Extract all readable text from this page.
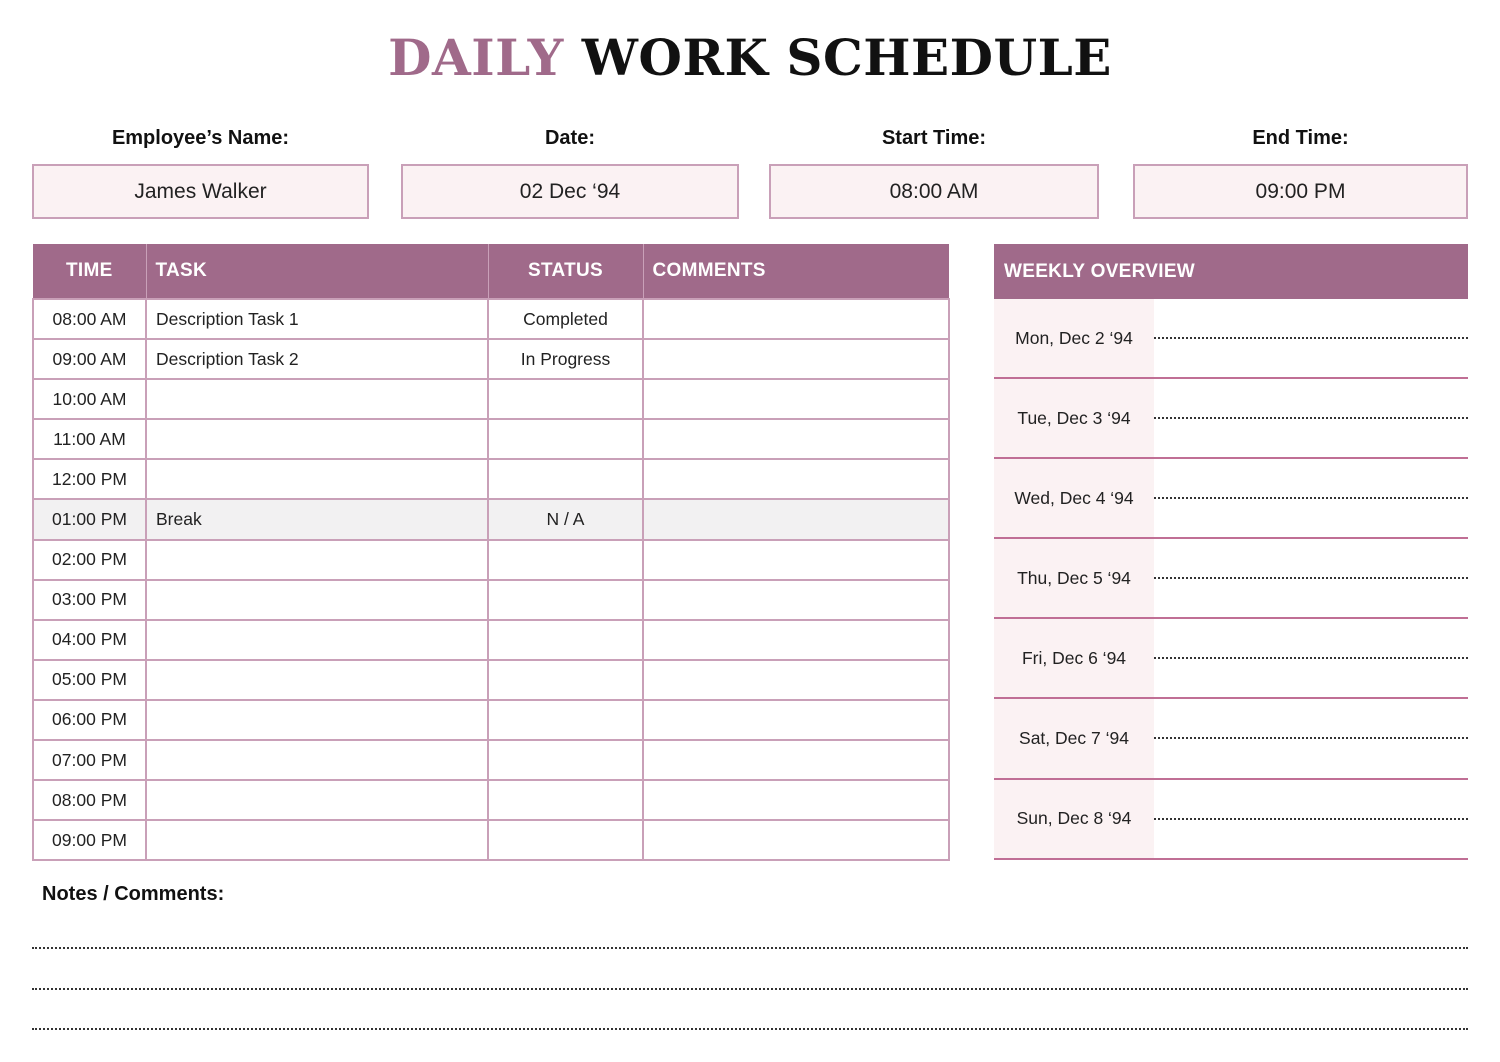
DAILY WORK SCHEDULE
Employee’s Name:	Date:	Start Time:	End Time:
James Walker	02 Dec ‘94	08:00 AM	09:00 PM
TIME	TASK	STATUS	COMMENTS
08:00 AM	Description Task 1	Completed	
09:00 AM	Description Task 2	In Progress	
10:00 AM			
11:00 AM			
12:00 PM			
01:00 PM	Break	N / A	
02:00 PM			
03:00 PM			
04:00 PM			
05:00 PM			
06:00 PM			
07:00 PM			
08:00 PM			
09:00 PM			
WEEKLY OVERVIEW
Mon, Dec 2 ‘94
Tue, Dec 3 ‘94
Wed, Dec 4 ‘94
Thu, Dec 5 ‘94
Fri, Dec 6 ‘94
Sat, Dec 7 ‘94
Sun, Dec 8 ‘94
Notes / Comments:
